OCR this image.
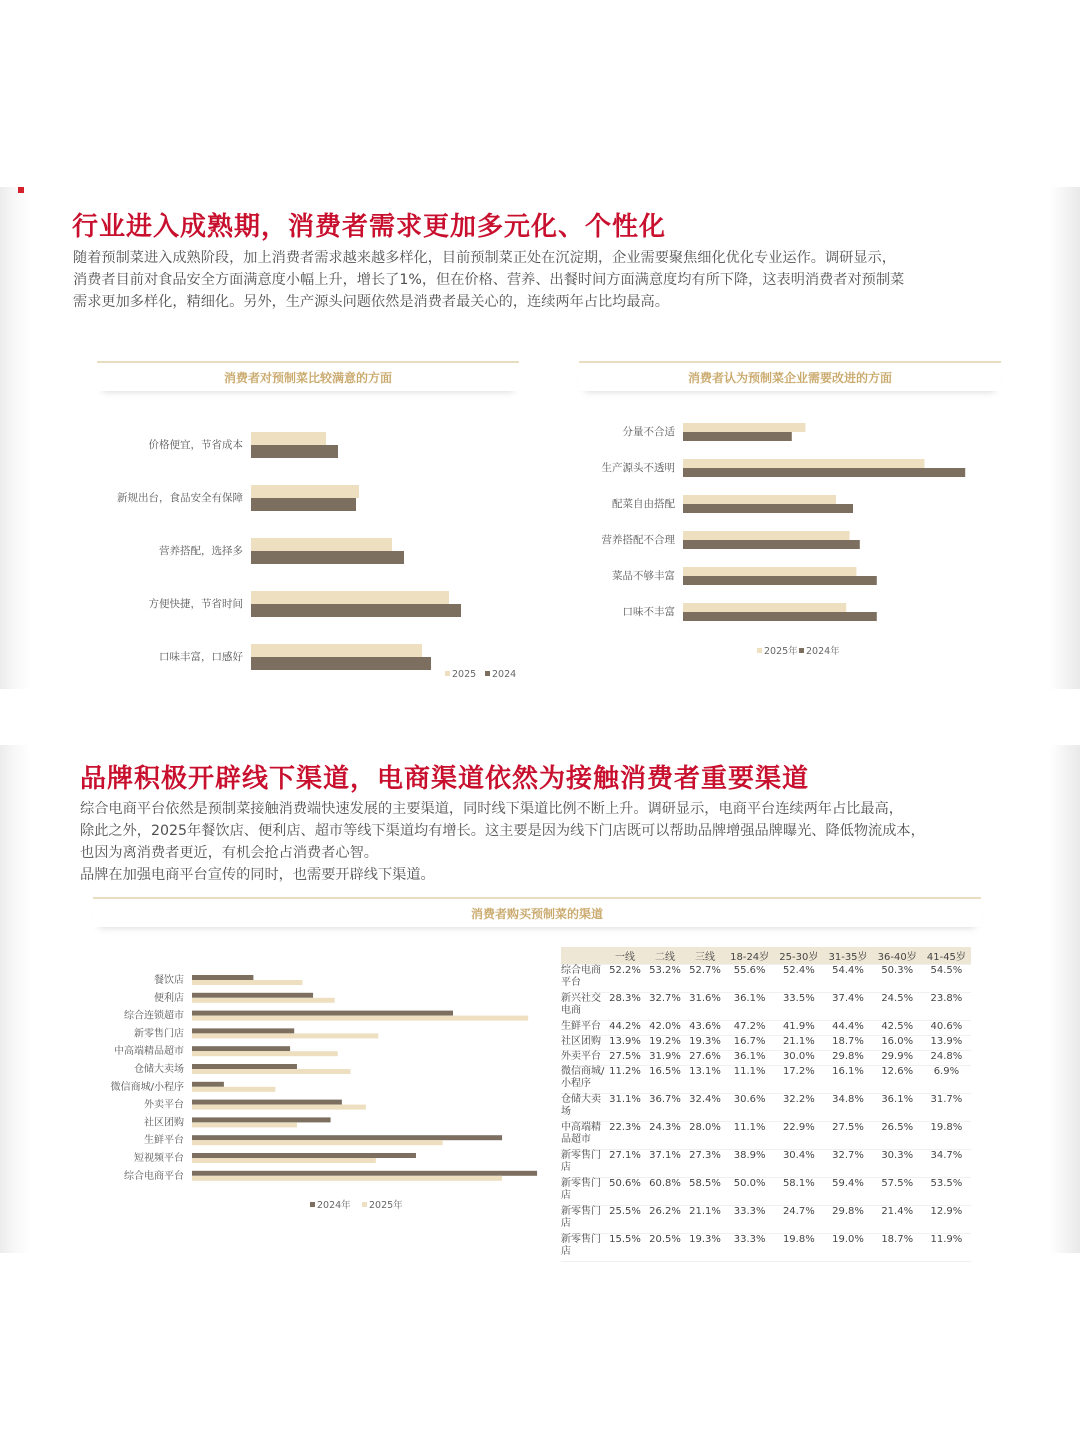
行业进入成熟期，消费者需求更加多元化、个性化
随着预制菜进入成熟阶段，加上消费者需求越来越多样化，目前预制菜正处在沉淀期，企业需要聚焦细化优化专业运作。调研显示，
消费者目前对食品安全方面满意度小幅上升，增长了1%，但在价格、营养、出餐时间方面满意度均有所下降，这表明消费者对预制菜
需求更加多样化，精细化。另外，生产源头问题依然是消费者最关心的，连续两年占比均最高。
消费者对预制菜比较满意的方面
价格便宜，节省成本
新规出台，食品安全有保障
营养搭配，选择多
方便快捷，节省时间
口味丰富，口感好
2025 2024
消费者认为预制菜企业需要改进的方面
分量不合适
生产源头不透明
配菜自由搭配
营养搭配不合理
菜品不够丰富
口味不丰富
2025年 2024年
品牌积极开辟线下渠道，电商渠道依然为接触消费者重要渠道
综合电商平台依然是预制菜接触消费端快速发展的主要渠道，同时线下渠道比例不断上升。调研显示，电商平台连续两年占比最高，
除此之外，2025年餐饮店、便利店、超市等线下渠道均有增长。这主要是因为线下门店既可以帮助品牌增强品牌曝光、降低物流成本，
也因为离消费者更近，有机会抢占消费者心智。
品牌在加强电商平台宣传的同时，也需要开辟线下渠道。
消费者购买预制菜的渠道
餐饮店
便利店
综合连锁超市
新零售门店
中高端精品超市
仓储大卖场
微信商城/小程序
外卖平台
社区团购
生鲜平台
短视频平台
综合电商平台
2024年 2025年
	一线	二线	三线	18-24岁	25-30岁	31-35岁	36-40岁	41-45岁
综合电商平台	52.2%	53.2%	52.7%	55.6%	52.4%	54.4%	50.3%	54.5%
新兴社交电商	28.3%	32.7%	31.6%	36.1%	33.5%	37.4%	24.5%	23.8%
生鲜平台	44.2%	42.0%	43.6%	47.2%	41.9%	44.4%	42.5%	40.6%
社区团购	13.9%	19.2%	19.3%	16.7%	21.1%	18.7%	16.0%	13.9%
外卖平台	27.5%	31.9%	27.6%	36.1%	30.0%	29.8%	29.9%	24.8%
微信商城/小程序	11.2%	16.5%	13.1%	11.1%	17.2%	16.1%	12.6%	6.9%
仓储大卖场	31.1%	36.7%	32.4%	30.6%	32.2%	34.8%	36.1%	31.7%
中高端精品超市	22.3%	24.3%	28.0%	11.1%	22.9%	27.5%	26.5%	19.8%
新零售门店	27.1%	37.1%	27.3%	38.9%	30.4%	32.7%	30.3%	34.7%
新零售门店	50.6%	60.8%	58.5%	50.0%	58.1%	59.4%	57.5%	53.5%
新零售门店	25.5%	26.2%	21.1%	33.3%	24.7%	29.8%	21.4%	12.9%
新零售门店	15.5%	20.5%	19.3%	33.3%	19.8%	19.0%	18.7%	11.9%
